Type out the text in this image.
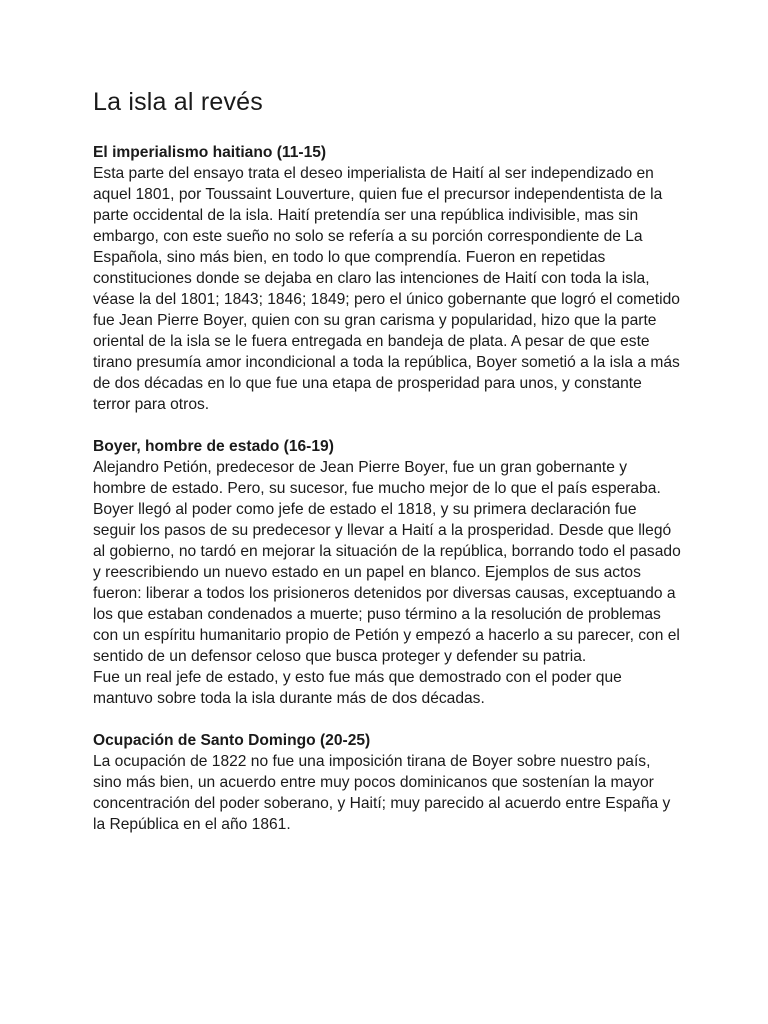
La isla al revés

El imperialismo haitiano (11-15)

Esta parte del ensayo trata el deseo imperialista de Haití al ser independizado en aquel 1801, por Toussaint Louverture, quien fue el precursor independentista de la parte occidental de la isla. Haití pretendía ser una república indivisible, mas sin embargo, con este sueño no solo se refería a su porción correspondiente de La Española, sino más bien, en todo lo que comprendía. Fueron en repetidas constituciones donde se dejaba en claro las intenciones de Haití con toda la isla, véase la del 1801; 1843; 1846; 1849; pero el único gobernante que logró el cometido fue Jean Pierre Boyer, quien con su gran carisma y popularidad, hizo que la parte oriental de la isla se le fuera entregada en bandeja de plata. A pesar de que este tirano presumía amor incondicional a toda la república, Boyer sometió a la isla a más de dos décadas en lo que fue una etapa de prosperidad para unos, y constante terror para otros.

Boyer, hombre de estado (16-19)

Alejandro Petión, predecesor de Jean Pierre Boyer, fue un gran gobernante y hombre de estado. Pero, su sucesor, fue mucho mejor de lo que el país esperaba.

Boyer llegó al poder como jefe de estado el 1818, y su primera declaración fue seguir los pasos de su predecesor y llevar a Haití a la prosperidad. Desde que llegó al gobierno, no tardó en mejorar la situación de la república, borrando todo el pasado y reescribiendo un nuevo estado en un papel en blanco. Ejemplos de sus actos fueron: liberar a todos los prisioneros detenidos por diversas causas, exceptuando a los que estaban condenados a muerte; puso término a la resolución de problemas con un espíritu humanitario propio de Petión y empezó a hacerlo a su parecer, con el sentido de un defensor celoso que busca proteger y defender su patria.

Fue un real jefe de estado, y esto fue más que demostrado con el poder que mantuvo sobre toda la isla durante más de dos décadas.

Ocupación de Santo Domingo (20-25)

La ocupación de 1822 no fue una imposición tirana de Boyer sobre nuestro país, sino más bien, un acuerdo entre muy pocos dominicanos que sostenían la mayor concentración del poder soberano, y Haití; muy parecido al acuerdo entre España y la República en el año 1861.
